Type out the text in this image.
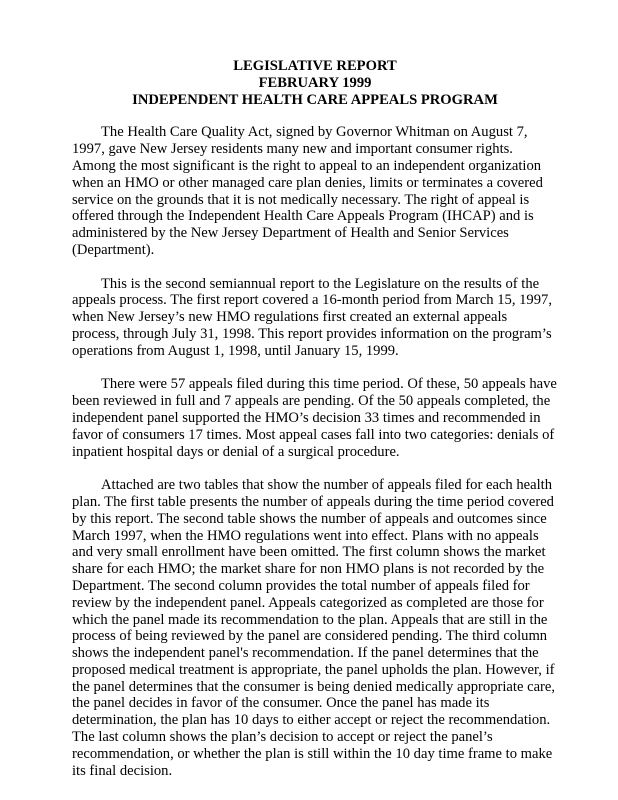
LEGISLATIVE REPORT
FEBRUARY 1999
INDEPENDENT HEALTH CARE APPEALS PROGRAM

The Health Care Quality Act, signed by Governor Whitman on August 7, 1997, gave New Jersey residents many new and important consumer rights. Among the most significant is the right to appeal to an independent organization when an HMO or other managed care plan denies, limits or terminates a covered service on the grounds that it is not medically necessary. The right of appeal is offered through the Independent Health Care Appeals Program (IHCAP) and is administered by the New Jersey Department of Health and Senior Services (Department).

This is the second semiannual report to the Legislature on the results of the appeals process. The first report covered a 16-month period from March 15, 1997, when New Jersey’s new HMO regulations first created an external appeals process, through July 31, 1998. This report provides information on the program’s operations from August 1, 1998, until January 15, 1999.

There were 57 appeals filed during this time period. Of these, 50 appeals have been reviewed in full and 7 appeals are pending. Of the 50 appeals completed, the independent panel supported the HMO’s decision 33 times and recommended in favor of consumers 17 times. Most appeal cases fall into two categories: denials of inpatient hospital days or denial of a surgical procedure.

Attached are two tables that show the number of appeals filed for each health plan. The first table presents the number of appeals during the time period covered by this report. The second table shows the number of appeals and outcomes since March 1997, when the HMO regulations went into effect. Plans with no appeals and very small enrollment have been omitted. The first column shows the market share for each HMO; the market share for non HMO plans is not recorded by the Department. The second column provides the total number of appeals filed for review by the independent panel. Appeals categorized as completed are those for which the panel made its recommendation to the plan. Appeals that are still in the process of being reviewed by the panel are considered pending. The third column shows the independent panel's recommendation. If the panel determines that the proposed medical treatment is appropriate, the panel upholds the plan. However, if the panel determines that the consumer is being denied medically appropriate care, the panel decides in favor of the consumer. Once the panel has made its determination, the plan has 10 days to either accept or reject the recommendation. The last column shows the plan’s decision to accept or reject the panel’s recommendation, or whether the plan is still within the 10 day time frame to make its final decision.
